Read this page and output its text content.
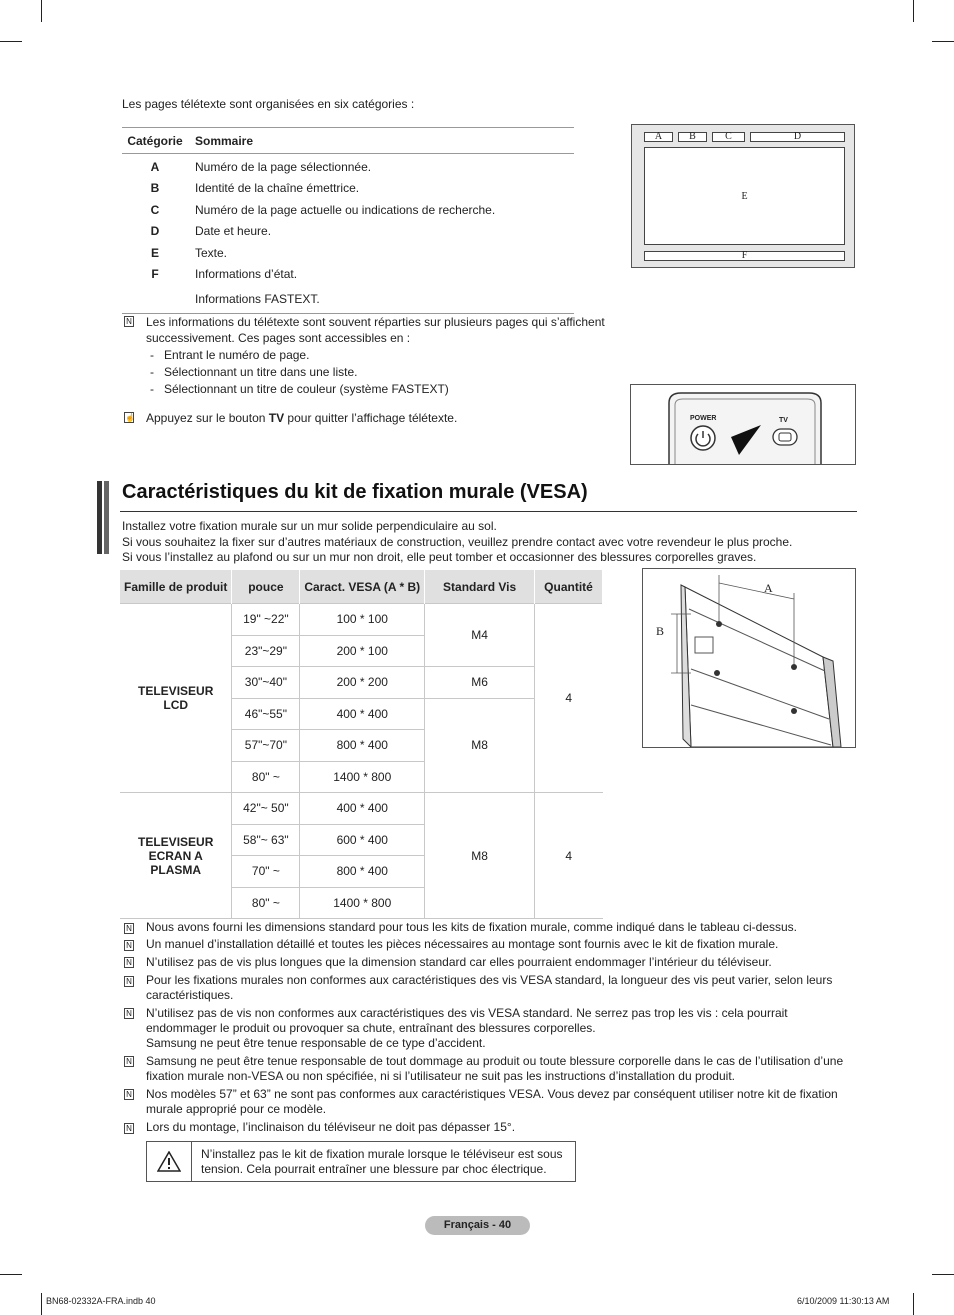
Les pages télétexte sont organisées en six catégories :
Catégorie	Sommaire
A	Numéro de la page sélectionnée.
B	Identité de la chaîne émettrice.
C	Numéro de la page actuelle ou indications de recherche.
D	Date et heure.
E	Texte.
F	Informations d’état.
Informations FASTEXT.
A	B	C	D
E
F
N Les informations du télétexte sont souvent réparties sur plusieurs pages qui s’affichent
successivement. Ces pages sont accessibles en :
-   Entrant le numéro de page.
-   Sélectionnant un titre dans une liste.
-   Sélectionnant un titre de couleur (système FASTEXT)
☝ Appuyez sur le bouton TV pour quitter l’affichage télétexte.	POWER	TV
Caractéristiques du kit de fixation murale (VESA)
Installez votre fixation murale sur un mur solide perpendiculaire au sol.
Si vous souhaitez la fixer sur d’autres matériaux de construction, veuillez prendre contact avec votre revendeur le plus proche.
Si vous l’installez au plafond ou sur un mur non droit, elle peut tomber et occasionner des blessures corporelles graves.
Famille de produit	pouce	Caract. VESA (A * B)	Standard Vis	Quantité

TELEVISEUR LCD	19" ~22"	100 * 100	M4	4
	23"~29"	200 * 100		
	30"~40"	200 * 200	M6	
	46"~55"	400 * 400	M8	
	57"~70"	800 * 400		
	80" ~	1400 * 800		

TELEVISEUR ECRAN A PLASMA	42"~ 50"	400 * 400	M8	4
	58"~ 63"	600 * 400		
	70" ~	800 * 400		
	80" ~	1400 * 800		
A
B
N Nous avons fourni les dimensions standard pour tous les kits de fixation murale, comme indiqué dans le tableau ci-dessus.
N Un manuel d’installation détaillé et toutes les pièces nécessaires au montage sont fournis avec le kit de fixation murale.
N N’utilisez pas de vis plus longues que la dimension standard car elles pourraient endommager l’intérieur du téléviseur.
N Pour les fixations murales non conformes aux caractéristiques des vis VESA standard, la longueur des vis peut varier, selon leurs
caractéristiques.
N N’utilisez pas de vis non conformes aux caractéristiques des vis VESA standard. Ne serrez pas trop les vis : cela pourrait
endommager le produit ou provoquer sa chute, entraînant des blessures corporelles.
Samsung ne peut être tenue responsable de ce type d’accident.
N Samsung ne peut être tenue responsable de tout dommage au produit ou toute blessure corporelle dans le cas de l’utilisation d’une
fixation murale non-VESA ou non spécifiée, ni si l’utilisateur ne suit pas les instructions d’installation du produit.
N Nos modèles 57” et 63” ne sont pas conformes aux caractéristiques VESA. Vous devez par conséquent utiliser notre kit de fixation
murale approprié pour ce modèle.
N Lors du montage, l’inclinaison du téléviseur ne doit pas dépasser 15°.
N’installez pas le kit de fixation murale lorsque le téléviseur est sous
tension. Cela pourrait entraîner une blessure par choc électrique.
Français - 40
BN68-02332A-FRA.indb 40	6/10/2009 11:30:13 AM
